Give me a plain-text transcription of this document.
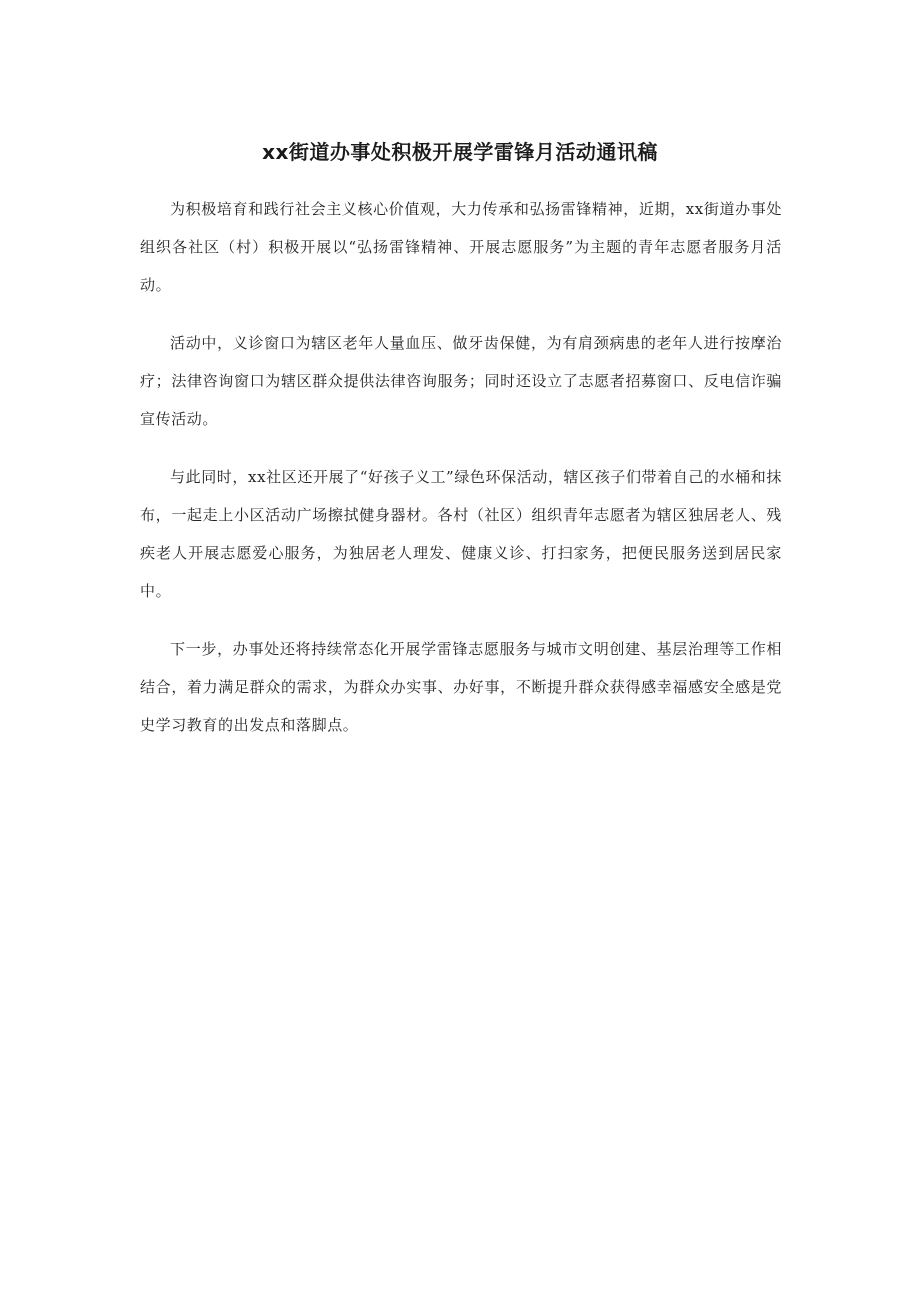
xx街道办事处积极开展学雷锋月活动通讯稿

为积极培育和践行社会主义核心价值观，大力传承和弘扬雷锋精神，近期，xx街道办事处组织各社区（村）积极开展以“弘扬雷锋精神、开展志愿服务”为主题的青年志愿者服务月活动。

活动中，义诊窗口为辖区老年人量血压、做牙齿保健，为有肩颈病患的老年人进行按摩治疗；法律咨询窗口为辖区群众提供法律咨询服务；同时还设立了志愿者招募窗口、反电信诈骗宣传活动。

与此同时，xx社区还开展了“好孩子义工”绿色环保活动，辖区孩子们带着自己的水桶和抹布，一起走上小区活动广场擦拭健身器材。各村（社区）组织青年志愿者为辖区独居老人、残疾老人开展志愿爱心服务，为独居老人理发、健康义诊、打扫家务，把便民服务送到居民家中。

下一步，办事处还将持续常态化开展学雷锋志愿服务与城市文明创建、基层治理等工作相结合，着力满足群众的需求，为群众办实事、办好事，不断提升群众获得感幸福感安全感是党史学习教育的出发点和落脚点。
